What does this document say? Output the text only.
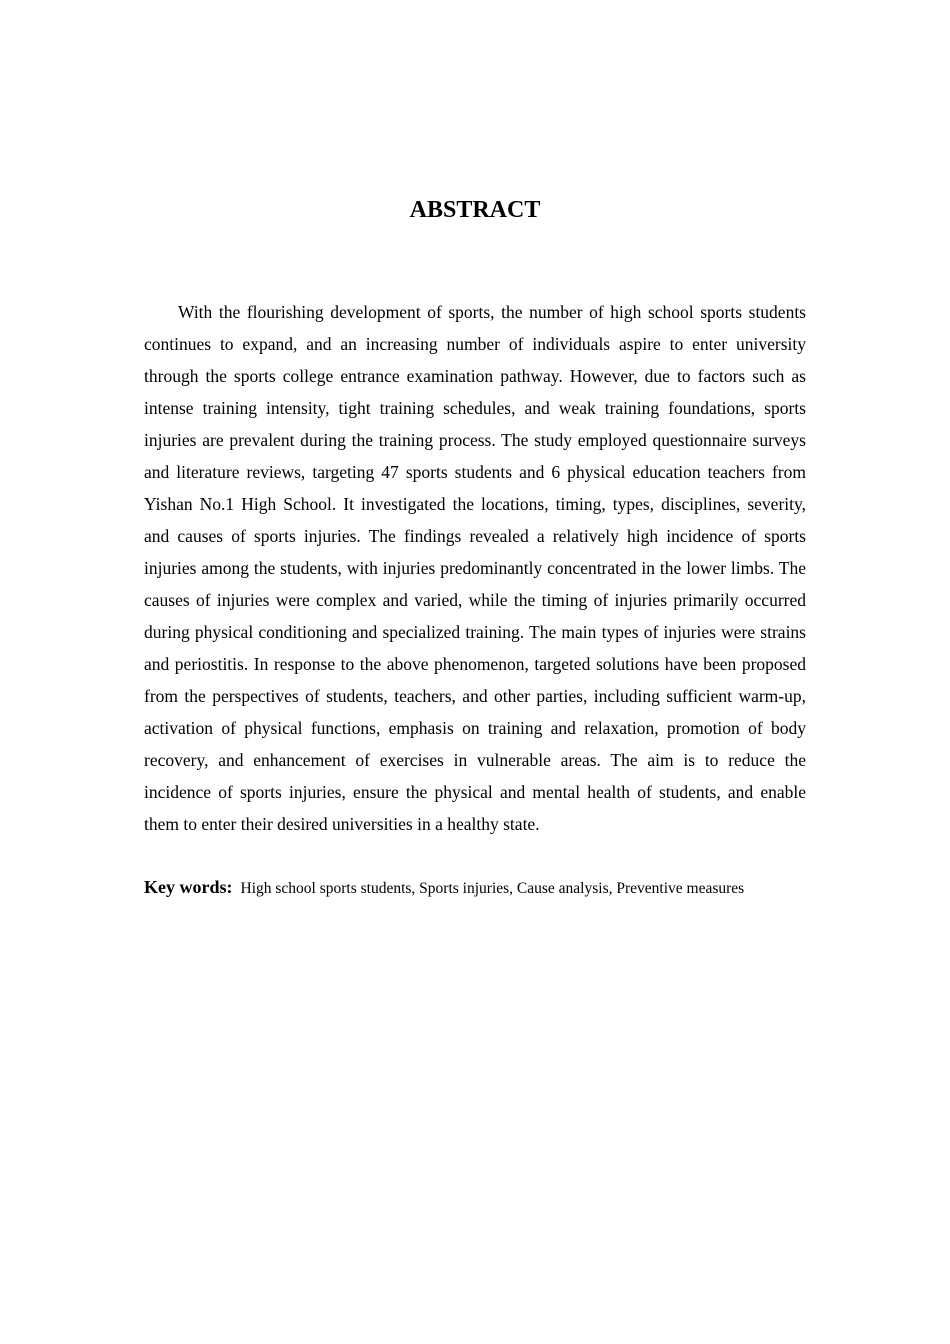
ABSTRACT

With the flourishing development of sports, the number of high school sports students continues to expand, and an increasing number of individuals aspire to enter university through the sports college entrance examination pathway. However, due to factors such as intense training intensity, tight training schedules, and weak training foundations, sports injuries are prevalent during the training process. The study employed questionnaire surveys and literature reviews, targeting 47 sports students and 6 physical education teachers from Yishan No.1 High School. It investigated the locations, timing, types, disciplines, severity, and causes of sports injuries. The findings revealed a relatively high incidence of sports injuries among the students, with injuries predominantly concentrated in the lower limbs. The causes of injuries were complex and varied, while the timing of injuries primarily occurred during physical conditioning and specialized training. The main types of injuries were strains and periostitis. In response to the above phenomenon, targeted solutions have been proposed from the perspectives of students, teachers, and other parties, including sufficient warm-up, activation of physical functions, emphasis on training and relaxation, promotion of body recovery, and enhancement of exercises in vulnerable areas. The aim is to reduce the incidence of sports injuries, ensure the physical and mental health of students, and enable them to enter their desired universities in a healthy state.

Key words: High school sports students, Sports injuries, Cause analysis, Preventive measures
